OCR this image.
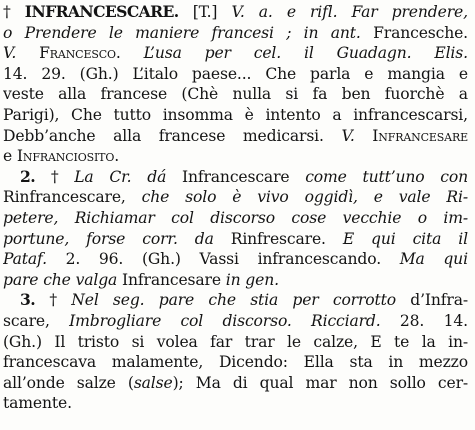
† INFRANCESCARE. [T.] V. a. e rifl. Far prendere,
o Prendere le maniere francesi ; in ant. Francesche.
V. Francesco. L’usa per cel. il Guadagn. Elis.
14. 29. (Gh.) L’italo paese... Che parla e mangia e
veste alla francese (Chè nulla si fa ben fuorchè a
Parigi), Che tutto insomma è intento a infrancescarsi,
Debb’anche alla francese medicarsi. V. Infrancesare
e Infranciosito.
2. † La Cr. dá Infrancescare come tutt’uno con
Rinfrancescare, che solo è vivo oggidì, e vale Ri-
petere, Richiamar col discorso cose vecchie o im-
portune, forse corr. da Rinfrescare. E qui cita il
Pataf. 2. 96. (Gh.) Vassi infrancescando. Ma qui
pare che valga Infrancesare in gen.
3. † Nel seg. pare che stia per corrotto d’Infra-
scare, Imbrogliare col discorso. Ricciard. 28. 14.
(Gh.) Il tristo si volea far trar le calze, E te la in-
francescava malamente, Dicendo: Ella sta in mezzo
all’onde salze (salse); Ma di qual mar non sollo cer-
tamente.
